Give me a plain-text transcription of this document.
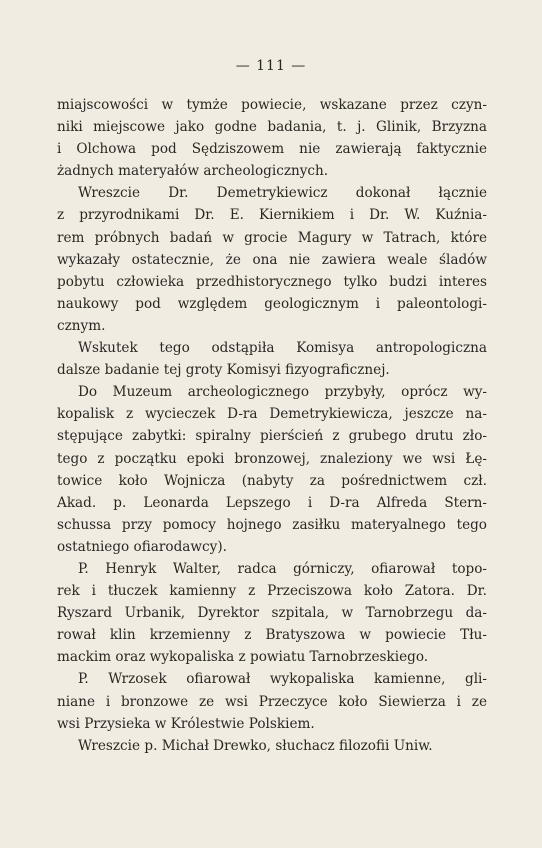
— 111 —
miajscowości w tymże powiecie, wskazane przez czyn-
niki miejscowe jako godne badania, t. j. Glinik, Brzyzna
i Olchowa pod Sędziszowem nie zawierają faktycznie
żadnych materyałów archeologicznych.
Wreszcie Dr. Demetrykiewicz dokonał łącznie
z przyrodnikami Dr. E. Kiernikiem i Dr. W. Kuźnia-
rem próbnych badań w grocie Magury w Tatrach, które
wykazały ostatecznie, że ona nie zawiera weale śladów
pobytu człowieka przedhistorycznego tylko budzi interes
naukowy pod względem geologicznym i paleontologi-
cznym.
Wskutek tego odstąpiła Komisya antropologiczna
dalsze badanie tej groty Komisyi fizyograficznej.
Do Muzeum archeologicznego przybyły, oprócz wy-
kopalisk z wycieczek D-ra Demetrykiewicza, jeszcze na-
stępujące zabytki: spiralny pierścień z grubego drutu zło-
tego z początku epoki bronzowej, znaleziony we wsi Łę-
towice koło Wojnicza (nabyty za pośrednictwem czł.
Akad. p. Leonarda Lepszego i D-ra Alfreda Stern-
schussa przy pomocy hojnego zasiłku materyalnego tego
ostatniego ofiarodawcy).
P. Henryk Walter, radca górniczy, ofiarował topo-
rek i tłuczek kamienny z Przeciszowa koło Zatora. Dr.
Ryszard Urbanik, Dyrektor szpitala, w Tarnobrzegu da-
rował klin krzemienny z Bratyszowa w powiecie Tłu-
mackim oraz wykopaliska z powiatu Tarnobrzeskiego.
P. Wrzosek ofiarował wykopaliska kamienne, gli-
niane i bronzowe ze wsi Przeczyce koło Siewierza i ze
wsi Przysieka w Królestwie Polskiem.
Wreszcie p. Michał Drewko, słuchacz filozofii Uniw.
